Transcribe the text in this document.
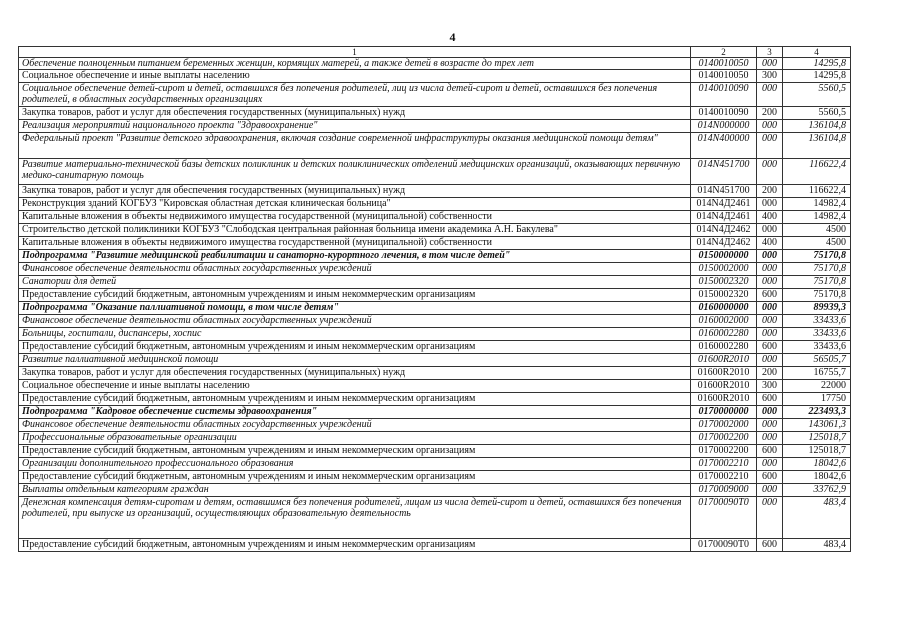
4
1	2	3	4
Обеспечение полноценным питанием беременных женщин, кормящих матерей, а также детей в возрасте до трех лет	0140010050	000	14295,8
Социальное обеспечение и иные выплаты населению	0140010050	300	14295,8
Социальное обеспечение детей-сирот и детей, оставшихся без попечения родителей, лиц из числа детей-сирот и детей, оставшихся без попечения родителей, в областных государственных организациях	0140010090	000	5560,5
Закупка товаров, работ и услуг для обеспечения государственных (муниципальных) нужд	0140010090	200	5560,5
Реализация мероприятий национального проекта "Здравоохранение"	014N000000	000	136104,8
Федеральный проект "Развитие детского здравоохранения, включая создание современной инфраструктуры оказания медицинской помощи детям"	014N400000	000	136104,8
Развитие материально-технической базы детских поликлиник и детских поликлинических отделений медицинских организаций, оказывающих первичную медико-санитарную помощь	014N451700	000	116622,4
Закупка товаров, работ и услуг для обеспечения государственных (муниципальных) нужд	014N451700	200	116622,4
Реконструкция зданий КОГБУЗ "Кировская областная детская клиническая больница"	014N4Д2461	000	14982,4
Капитальные вложения в объекты недвижимого имущества государственной (муниципальной) собственности	014N4Д2461	400	14982,4
Строительство детской поликлиники КОГБУЗ "Слободская центральная районная больница имени академика А.Н. Бакулева"	014N4Д2462	000	4500
Капитальные вложения в объекты недвижимого имущества государственной (муниципальной) собственности	014N4Д2462	400	4500
Подпрограмма "Развитие медицинской реабилитации и санаторно-курортного лечения, в том числе детей"	0150000000	000	75170,8
Финансовое обеспечение деятельности областных государственных учреждений	0150002000	000	75170,8
Санатории для детей	0150002320	000	75170,8
Предоставление субсидий бюджетным, автономным учреждениям и иным некоммерческим организациям	0150002320	600	75170,8
Подпрограмма "Оказание паллиативной помощи, в том числе детям"	0160000000	000	89939,3
Финансовое обеспечение деятельности областных государственных учреждений	0160002000	000	33433,6
Больницы, госпитали, диспансеры, хоспис	0160002280	000	33433,6
Предоставление субсидий бюджетным, автономным учреждениям и иным некоммерческим организациям	0160002280	600	33433,6
Развитие паллиативной медицинской помощи	01600R2010	000	56505,7
Закупка товаров, работ и услуг для обеспечения государственных (муниципальных) нужд	01600R2010	200	16755,7
Социальное обеспечение и иные выплаты населению	01600R2010	300	22000
Предоставление субсидий бюджетным, автономным учреждениям и иным некоммерческим организациям	01600R2010	600	17750
Подпрограмма "Кадровое обеспечение системы здравоохранения"	0170000000	000	223493,3
Финансовое обеспечение деятельности областных государственных учреждений	0170002000	000	143061,3
Профессиональные образовательные организации	0170002200	000	125018,7
Предоставление субсидий бюджетным, автономным учреждениям и иным некоммерческим организациям	0170002200	600	125018,7
Организации дополнительного профессионального образования	0170002210	000	18042,6
Предоставление субсидий бюджетным, автономным учреждениям и иным некоммерческим организациям	0170002210	600	18042,6
Выплаты отдельным категориям граждан	0170009000	000	33762,9
Денежная компенсация детям-сиротам и детям, оставшимся без попечения родителей, лицам из числа детей-сирот и детей, оставшихся без попечения родителей, при выпуске из организаций, осуществляющих образовательную деятельность	01700090Т0	000	483,4
Предоставление субсидий бюджетным, автономным учреждениям и иным некоммерческим организациям	01700090Т0	600	483,4
